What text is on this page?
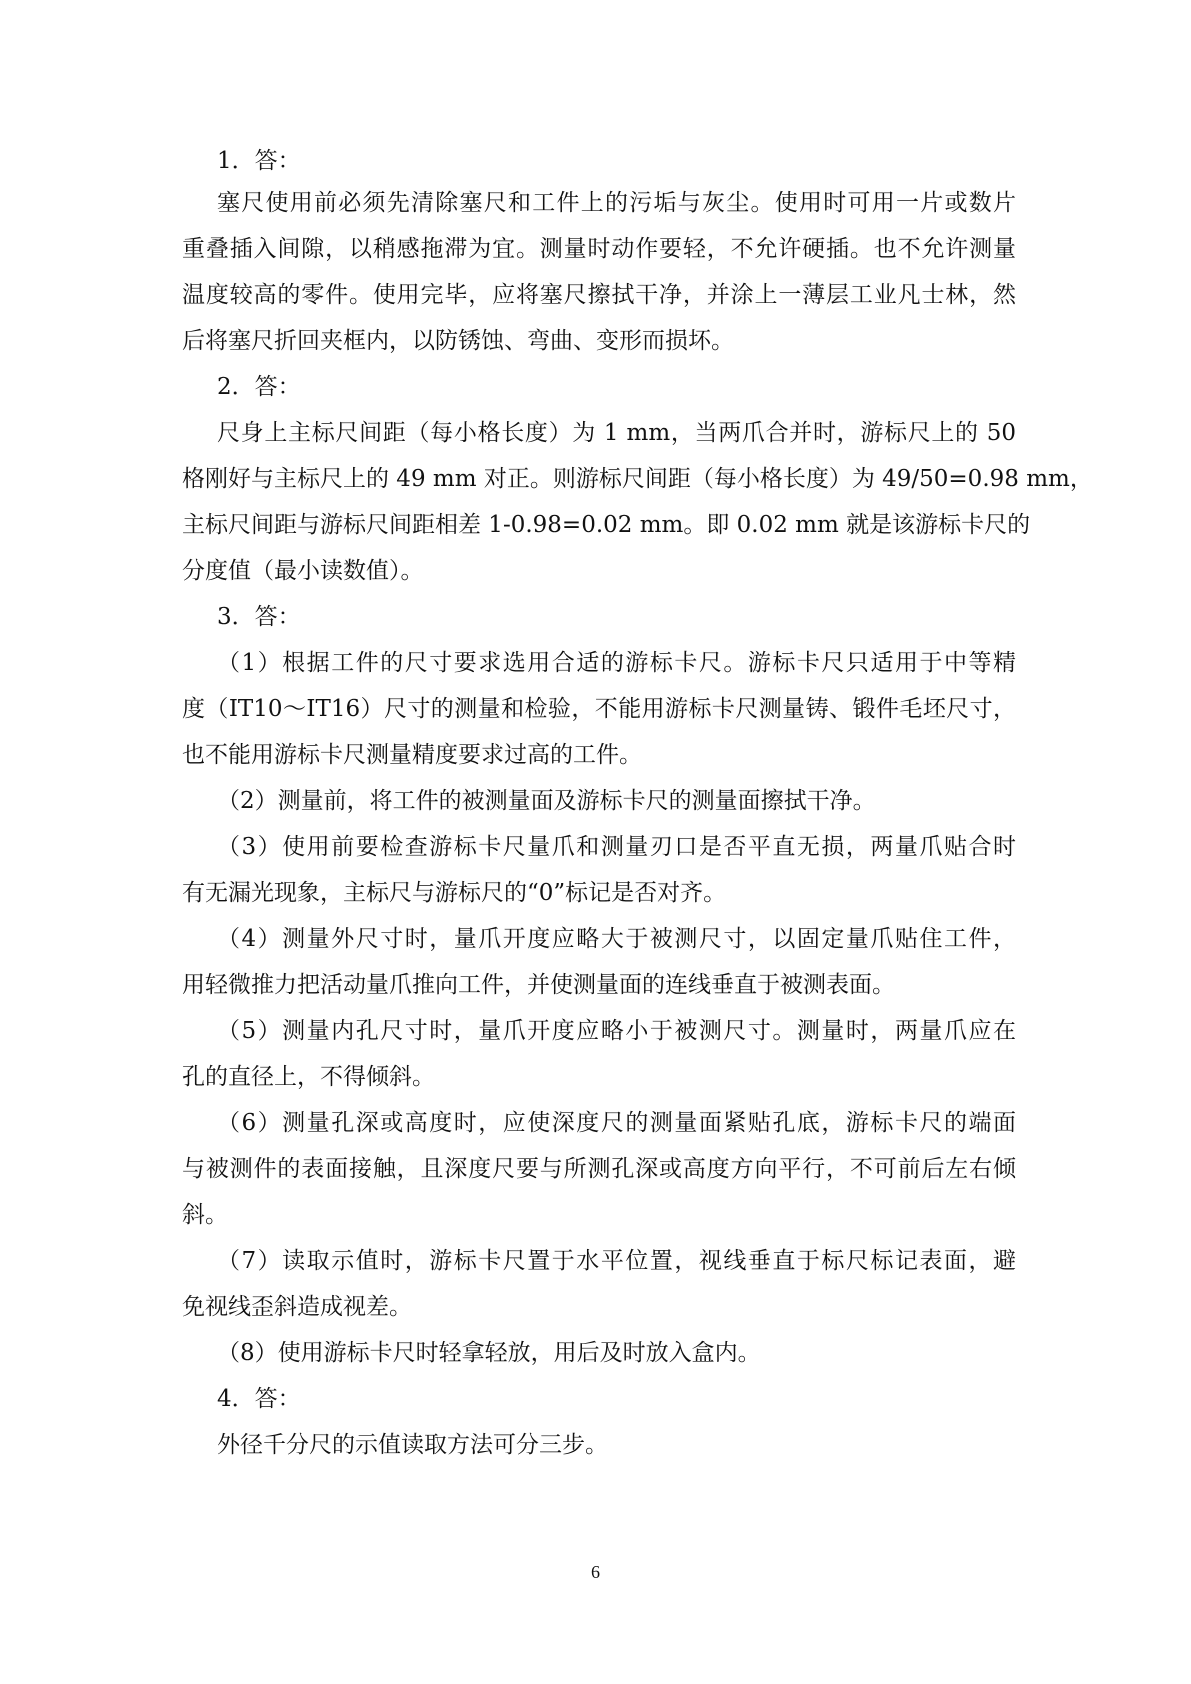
1．答：
塞尺使用前必须先清除塞尺和工件上的污垢与灰尘。使用时可用一片或数片
重叠插入间隙，以稍感拖滞为宜。测量时动作要轻，不允许硬插。也不允许测量
温度较高的零件。使用完毕，应将塞尺擦拭干净，并涂上一薄层工业凡士林，然
后将塞尺折回夹框内，以防锈蚀、弯曲、变形而损坏。
2．答：
尺身上主标尺间距（每小格长度）为 1 mm，当两爪合并时，游标尺上的 50
格刚好与主标尺上的 49 mm 对正。则游标尺间距（每小格长度）为 49/50=0.98 mm，
主标尺间距与游标尺间距相差 1-0.98=0.02 mm。即 0.02 mm 就是该游标卡尺的
分度值（最小读数值）。
3．答：
（1）根据工件的尺寸要求选用合适的游标卡尺。游标卡尺只适用于中等精
度（IT10～IT16）尺寸的测量和检验，不能用游标卡尺测量铸、锻件毛坯尺寸，
也不能用游标卡尺测量精度要求过高的工件。
（2）测量前，将工件的被测量面及游标卡尺的测量面擦拭干净。
（3）使用前要检查游标卡尺量爪和测量刃口是否平直无损，两量爪贴合时
有无漏光现象，主标尺与游标尺的“0”标记是否对齐。
（4）测量外尺寸时，量爪开度应略大于被测尺寸，以固定量爪贴住工件，
用轻微推力把活动量爪推向工件，并使测量面的连线垂直于被测表面。
（5）测量内孔尺寸时，量爪开度应略小于被测尺寸。测量时，两量爪应在
孔的直径上，不得倾斜。
（6）测量孔深或高度时，应使深度尺的测量面紧贴孔底，游标卡尺的端面
与被测件的表面接触，且深度尺要与所测孔深或高度方向平行，不可前后左右倾
斜。
（7）读取示值时，游标卡尺置于水平位置，视线垂直于标尺标记表面，避
免视线歪斜造成视差。
（8）使用游标卡尺时轻拿轻放，用后及时放入盒内。
4．答：
外径千分尺的示值读取方法可分三步。
6
